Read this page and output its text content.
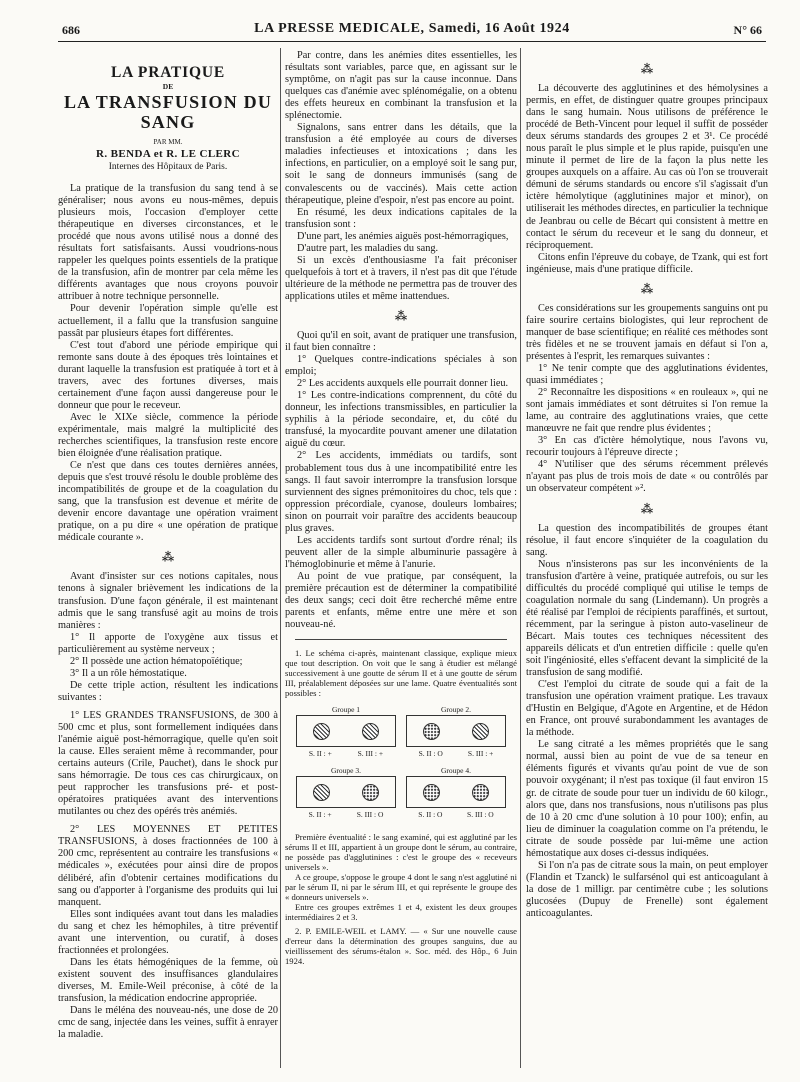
686	LA PRESSE MEDICALE, Samedi, 16 Août 1924	N° 66
LA PRATIQUE
DE
LA TRANSFUSION DU SANG
PAR MM.
R. BENDA et R. LE CLERC
Internes des Hôpitaux de Paris.

La pratique de la transfusion du sang tend à se généraliser; nous avons eu nous-mêmes, depuis plusieurs mois, l'occasion d'employer cette thérapeutique en diverses circonstances, et le procédé que nous avons utilisé nous a donné des résultats fort satisfaisants. Aussi voudrions-nous rappeler les quelques points essentiels de la pratique de la transfusion, afin de montrer par cela même les différents avantages que nous croyons pouvoir attribuer à notre technique personnelle.

Pour devenir l'opération simple qu'elle est actuellement, il a fallu que la transfusion sanguine passât par plusieurs étapes fort différentes.

C'est tout d'abord une période empirique qui remonte sans doute à des époques très lointaines et durant laquelle la transfusion est pratiquée à tort et à travers, avec des fortunes diverses, mais certainement d'une façon aussi dangereuse pour le donneur que pour le receveur.

Avec le XIXe siècle, commence la période expérimentale, mais malgré la multiplicité des recherches scientifiques, la transfusion reste encore bien éloignée d'une réalisation pratique.

Ce n'est que dans ces toutes dernières années, depuis que s'est trouvé résolu le double problème des incompatibilités de groupe et de la coagulation du sang, que la transfusion est devenue et mérite de devenir encore davantage une opération vraiment pratique, on a pu dire « une opération de pratique médicale courante ».

⁂

Avant d'insister sur ces notions capitales, nous tenons à signaler brièvement les indications de la transfusion. D'une façon générale, il est maintenant admis que le sang transfusé agit au moins de trois manières :

1° Il apporte de l'oxygène aux tissus et particulièrement au système nerveux ;

2° Il possède une action hématopoïétique;

3° Il a un rôle hémostatique.

De cette triple action, résultent les indications suivantes :

1° LES GRANDES TRANSFUSIONS, de 300 à 500 cmc et plus, sont formellement indiquées dans l'anémie aiguë post-hémorragique, quelle qu'en soit la cause. Elles seraient même à recommander, pour certains auteurs (Crile, Pauchet), dans le shock pur sans hémorragie. De tous ces cas chirurgicaux, on peut rapprocher les transfusions pré- et post-opératoires pratiquées avant des interventions mutilantes ou chez des opérés très anémiés.

2° LES MOYENNES ET PETITES TRANSFUSIONS, à doses fractionnées de 100 à 200 cmc, représentent au contraire les transfusions « médicales », exécutées pour ainsi dire de propos délibéré, afin d'obtenir certaines modifications du sang ou d'apporter à l'organisme des produits qui lui manquent.

Elles sont indiquées avant tout dans les maladies du sang et chez les hémophiles, à titre préventif avant une intervention, ou curatif, à doses fractionnées et prolongées.

Dans les états hémogéniques de la femme, où existent souvent des insuffisances glandulaires diverses, M. Emile-Weil préconise, à côté de la transfusion, la médication endocrine appropriée.

Dans le méléna des nouveau-nés, une dose de 20 cmc de sang, injectée dans les veines, suffit à enrayer la maladie.

Par contre, dans les anémies dites essentielles, les résultats sont variables, parce que, en agissant sur le symptôme, on n'agit pas sur la cause inconnue. Dans quelques cas d'anémie avec splénomégalie, on a obtenu des effets heureux en combinant la transfusion et la splénectomie.

Signalons, sans entrer dans les détails, que la transfusion a été employée au cours de diverses maladies infectieuses et intoxications ; dans les infections, en particulier, on a employé soit le sang pur, soit le sang de donneurs immunisés (sang de convalescents ou de vaccinés). Mais cette action thérapeutique, pleine d'espoir, n'est pas encore au point.

En résumé, les deux indications capitales de la transfusion sont :

D'une part, les anémies aiguës post-hémorragiques,

D'autre part, les maladies du sang.

Si un excès d'enthousiasme l'a fait préconiser quelquefois à tort et à travers, il n'est pas dit que l'étude ultérieure de la méthode ne permettra pas de trouver des applications utiles et même inattendues.

⁂

Quoi qu'il en soit, avant de pratiquer une transfusion, il faut bien connaître :

1° Quelques contre-indications spéciales à son emploi;

2° Les accidents auxquels elle pourrait donner lieu.

1° Les contre-indications comprennent, du côté du donneur, les infections transmissibles, en particulier la syphilis à la période secondaire, et, du côté du transfusé, la myocardite pouvant amener une dilatation aiguë du cœur.

2° Les accidents, immédiats ou tardifs, sont probablement tous dus à une incompatibilité entre les sangs. Il faut savoir interrompre la transfusion lorsque surviennent des signes prémonitoires du choc, tels que : oppression précordiale, cyanose, douleurs lombaires; sinon on pourrait voir paraître des accidents beaucoup plus graves.

Les accidents tardifs sont surtout d'ordre rénal; ils peuvent aller de la simple albuminurie passagère à l'hémoglobinurie et même à l'anurie.

Au point de vue pratique, par conséquent, la première précaution est de déterminer la compatibilité des deux sangs; ceci doit être recherché même entre parents et enfants, même entre une mère et son nouveau-né.

1. Le schéma ci-après, maintenant classique, explique mieux que tout description. On voit que le sang à étudier est mélangé successivement à une goutte de sérum II et à une goutte de sérum III, préalablement déposées sur une lame. Quatre éventualités sont possibles :

Groupe 1
S. II : +	S. III : +
Groupe 2.
S. II : O	S. III : +
Groupe 3.
S. II : +	S. III : O
Groupe 4.
S. II : O	S. III : O

Première éventualité : le sang examiné, qui est agglutiné par les sérums II et III, appartient à un groupe dont le sérum, au contraire, ne possède pas d'agglutinines : c'est le groupe des « receveurs universels ».

A ce groupe, s'oppose le groupe 4 dont le sang n'est agglutiné ni par le sérum II, ni par le sérum III, et qui représente le groupe des « donneurs universels ».

Entre ces groupes extrêmes 1 et 4, existent les deux groupes intermédiaires 2 et 3.

2. P. EMILE-WEIL et LAMY. — « Sur une nouvelle cause d'erreur dans la détermination des groupes sanguins, due au vieillissement des sérums-étalon ». Soc. méd. des Hôp., 6 Juin 1924.

⁂

La découverte des agglutinines et des hémolysines a permis, en effet, de distinguer quatre groupes principaux dans le sang humain. Nous utilisons de préférence le procédé de Beth-Vincent pour lequel il suffit de posséder deux sérums standards des groupes 2 et 3¹. Ce procédé nous paraît le plus simple et le plus rapide, puisqu'en une minute il permet de lire de la façon la plus nette les groupes auxquels on a affaire. Au cas où l'on se trouverait démuni de sérums standards ou encore s'il s'agissait d'un ictère hémolytique (agglutinines major et minor), on utiliserait les méthodes directes, en particulier la technique de Jeanbrau ou celle de Bécart qui consistent à mettre en contact le sérum du receveur et le sang du donneur, et réciproquement.

Citons enfin l'épreuve du cobaye, de Tzank, qui est fort ingénieuse, mais d'une pratique difficile.

⁂

Ces considérations sur les groupements sanguins ont pu faire sourire certains biologistes, qui leur reprochent de manquer de base scientifique; en réalité ces méthodes sont très fidèles et ne se trouvent jamais en défaut si l'on a, présentes à l'esprit, les remarques suivantes :

1° Ne tenir compte que des agglutinations évidentes, quasi immédiates ;

2° Reconnaître les dispositions « en rouleaux », qui ne sont jamais immédiates et sont détruites si l'on remue la lame, au contraire des agglutinations vraies, que cette manœuvre ne fait que rendre plus évidentes ;

3° En cas d'ictère hémolytique, nous l'avons vu, recourir toujours à l'épreuve directe ;

4° N'utiliser que des sérums récemment prélevés n'ayant pas plus de trois mois de date « ou contrôlés par un observateur compétent »².

⁂

La question des incompatibilités de groupes étant résolue, il faut encore s'inquiéter de la coagulation du sang.

Nous n'insisterons pas sur les inconvénients de la transfusion d'artère à veine, pratiquée autrefois, ou sur les difficultés du procédé compliqué qui utilise le temps de coagulation normale du sang (Lindemann). Un progrès a été réalisé par l'emploi de récipients paraffinés, et surtout, récemment, par la seringue à piston auto-vaselineur de Bécart. Mais toutes ces techniques nécessitent des appareils délicats et d'un entretien difficile : quelle qu'en soit l'ingéniosité, elles s'effacent devant la simplicité de la transfusion de sang modifié.

C'est l'emploi du citrate de soude qui a fait de la transfusion une opération vraiment pratique. Les travaux d'Hustin en Belgique, d'Agote en Argentine, et de Hédon en France, ont prouvé surabondamment les avantages de la méthode.

Le sang citraté a les mêmes propriétés que le sang normal, aussi bien au point de vue de sa teneur en éléments figurés et vivants qu'au point de vue de son pouvoir oxygénant; il n'est pas toxique (il faut environ 15 gr. de citrate de soude pour tuer un individu de 60 kilogr., alors que, dans nos transfusions, nous n'utilisons pas plus de 10 à 20 cmc d'une solution à 10 pour 100); enfin, au lieu de diminuer la coagulation comme on l'a prétendu, le citrate de soude possède par lui-même une action hémostatique aux doses ci-dessus indiquées.

Si l'on n'a pas de citrate sous la main, on peut employer (Flandin et Tzanck) le sulfarsénol qui est anticoagulant à la dose de 1 milligr. par centimètre cube ; les solutions glucosées (Dupuy de Frenelle) sont également anticoagulantes.
